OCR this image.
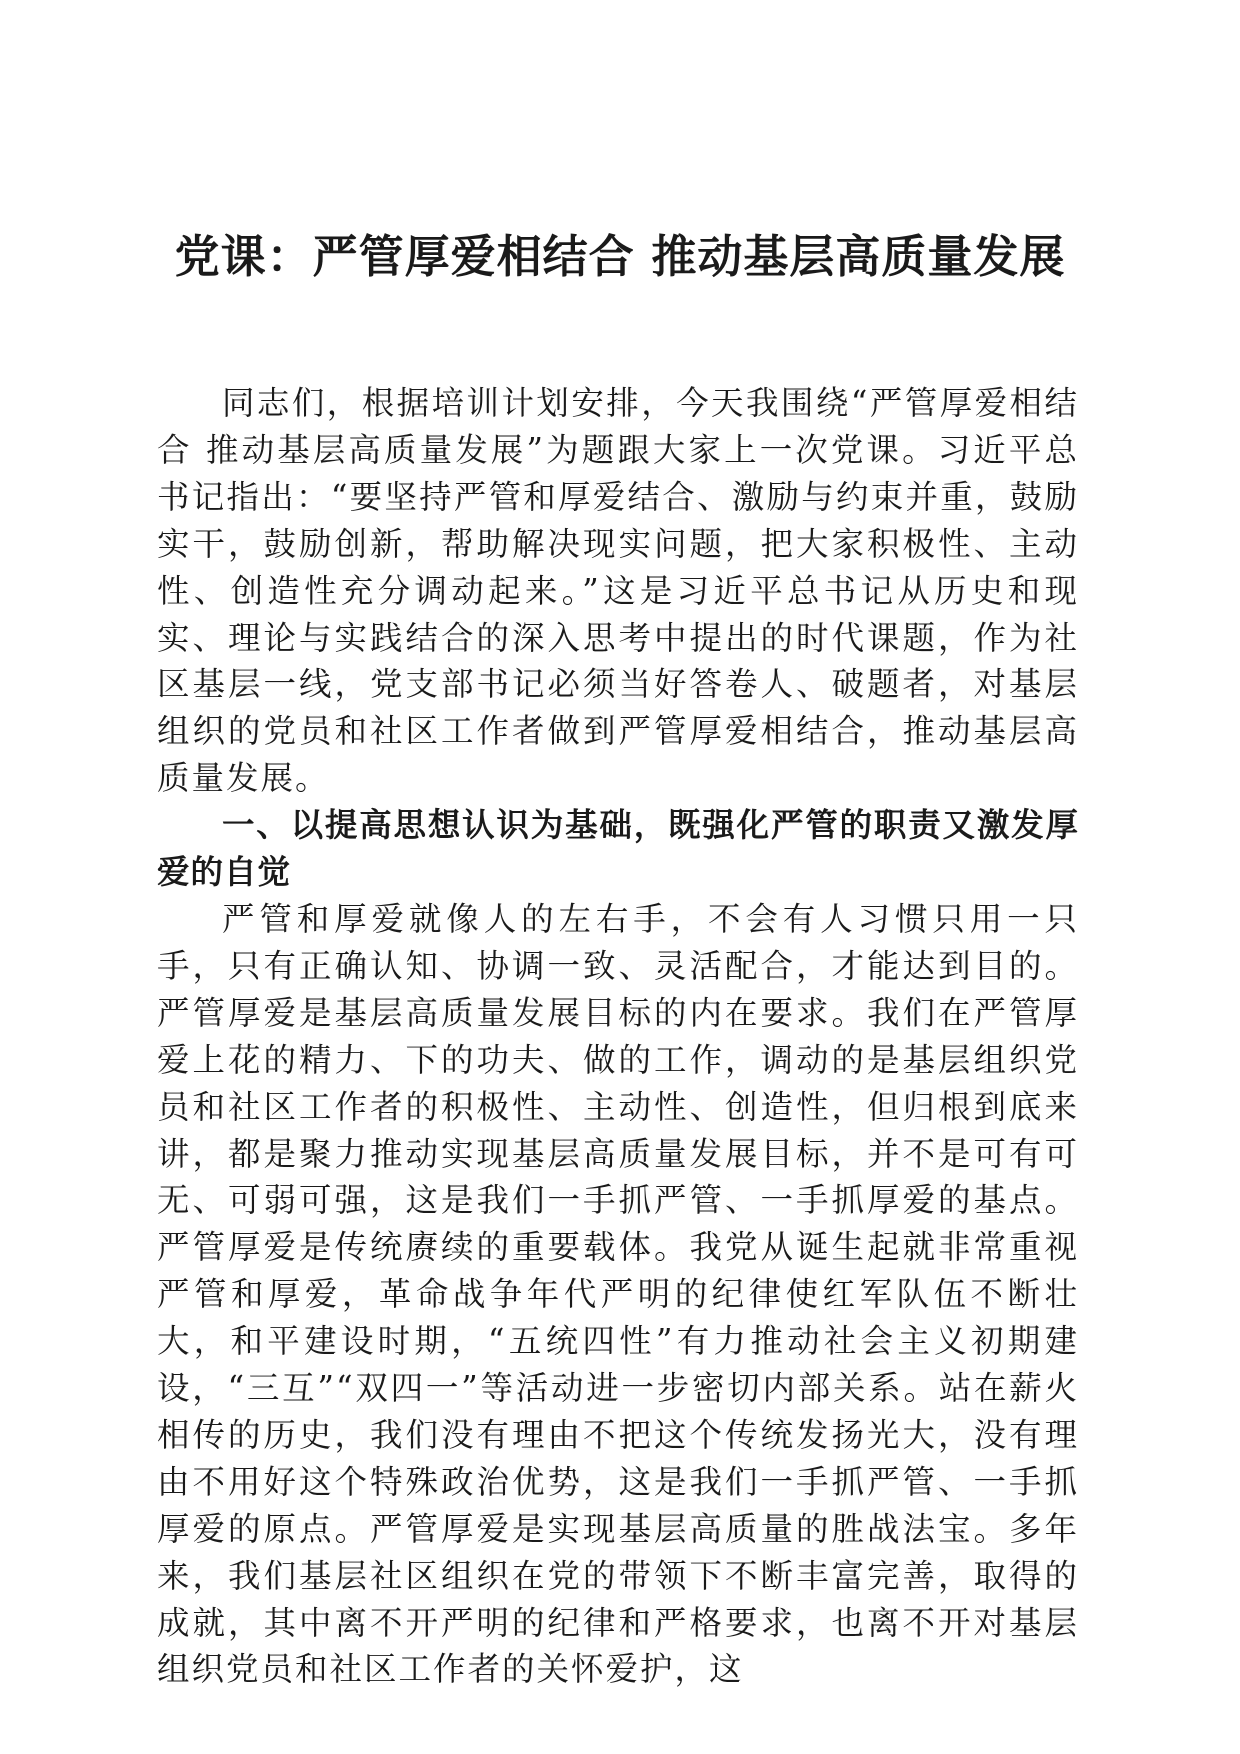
党课：严管厚爱相结合 推动基层高质量发展

同志们，根据培训计划安排，今天我围绕“严管厚爱相结合 推动基层高质量发展”为题跟大家上一次党课。习近平总书记指出：“要坚持严管和厚爱结合、激励与约束并重，鼓励实干，鼓励创新，帮助解决现实问题，把大家积极性、主动性、创造性充分调动起来。”这是习近平总书记从历史和现实、理论与实践结合的深入思考中提出的时代课题，作为社区基层一线，党支部书记必须当好答卷人、破题者，对基层组织的党员和社区工作者做到严管厚爱相结合，推动基层高质量发展。

一、以提高思想认识为基础，既强化严管的职责又激发厚爱的自觉

严管和厚爱就像人的左右手，不会有人习惯只用一只手，只有正确认知、协调一致、灵活配合，才能达到目的。严管厚爱是基层高质量发展目标的内在要求。我们在严管厚爱上花的精力、下的功夫、做的工作，调动的是基层组织党员和社区工作者的积极性、主动性、创造性，但归根到底来讲，都是聚力推动实现基层高质量发展目标，并不是可有可无、可弱可强，这是我们一手抓严管、一手抓厚爱的基点。严管厚爱是传统赓续的重要载体。我党从诞生起就非常重视严管和厚爱，革命战争年代严明的纪律使红军队伍不断壮大，和平建设时期，“五统四性”有力推动社会主义初期建设，“三互”“双四一”等活动进一步密切内部关系。站在薪火相传的历史，我们没有理由不把这个传统发扬光大，没有理由不用好这个特殊政治优势，这是我们一手抓严管、一手抓厚爱的原点。严管厚爱是实现基层高质量的胜战法宝。多年来，我们基层社区组织在党的带领下不断丰富完善，取得的成就，其中离不开严明的纪律和严格要求，也离不开对基层组织党员和社区工作者的关怀爱护，这
